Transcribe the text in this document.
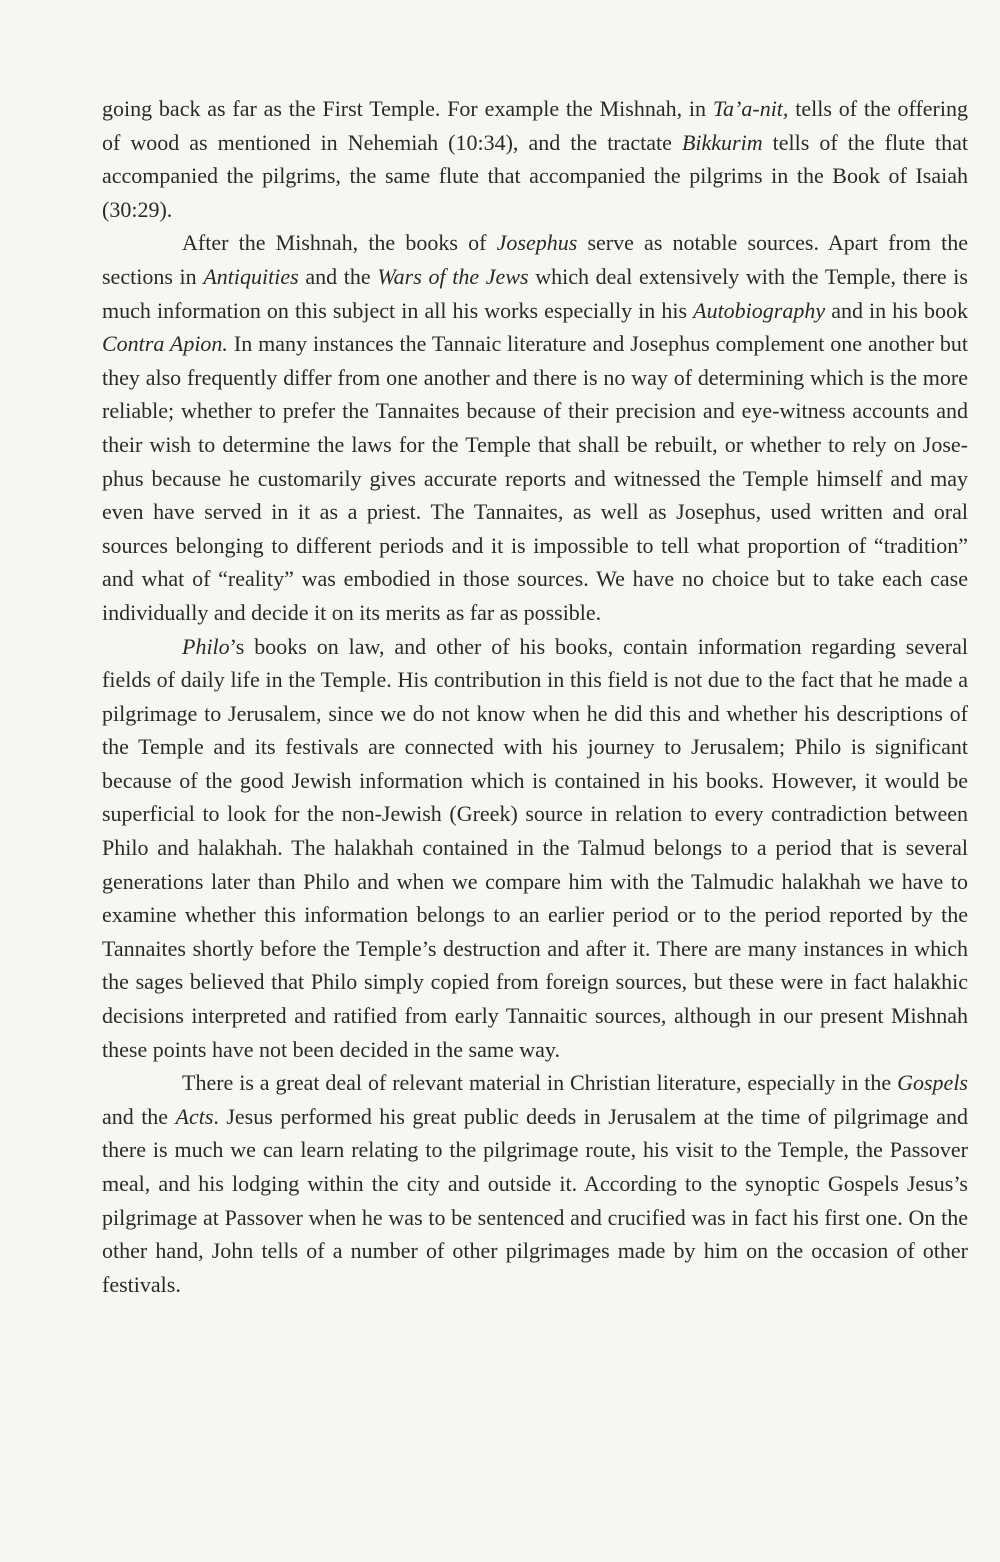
going back as far as the First Temple. For example the Mishnah, in Ta’a-nit, tells of the offering of wood as mentioned in Nehemiah (10:34), and the tractate Bikkurim tells of the flute that accompanied the pilgrims, the same flute that accompanied the pilgrims in the Book of Isaiah (30:29).

After the Mishnah, the books of Josephus serve as notable sources. Apart from the sections in Antiquities and the Wars of the Jews which deal extensively with the Temple, there is much information on this subject in all his works especially in his Autobiography and in his book Contra Apion. In many instances the Tannaic literature and Josephus complement one another but they also frequently differ from one another and there is no way of determining which is the more reliable; whether to prefer the Tannaites because of their precision and eye-witness accounts and their wish to determine the laws for the Temple that shall be rebuilt, or whether to rely on Josephus because he customarily gives accurate reports and witnessed the Temple himself and may even have served in it as a priest. The Tannaites, as well as Josephus, used written and oral sources belonging to different periods and it is impossible to tell what proportion of “tradition” and what of “reality” was embodied in those sources. We have no choice but to take each case individually and decide it on its merits as far as possible.

Philo’s books on law, and other of his books, contain information regarding several fields of daily life in the Temple. His contribution in this field is not due to the fact that he made a pilgrimage to Jerusalem, since we do not know when he did this and whether his descriptions of the Temple and its festivals are connected with his journey to Jerusalem; Philo is significant because of the good Jewish information which is contained in his books. However, it would be superficial to look for the non-Jewish (Greek) source in relation to every contradiction between Philo and halakhah. The halakhah contained in the Talmud belongs to a period that is several generations later than Philo and when we compare him with the Talmudic halakhah we have to examine whether this information belongs to an earlier period or to the period reported by the Tannaites shortly before the Temple’s destruction and after it. There are many instances in which the sages believed that Philo simply copied from foreign sources, but these were in fact halakhic decisions interpreted and ratified from early Tannaitic sources, although in our present Mishnah these points have not been decided in the same way.

There is a great deal of relevant material in Christian literature, especially in the Gospels and the Acts. Jesus performed his great public deeds in Jerusalem at the time of pilgrimage and there is much we can learn relating to the pilgrimage route, his visit to the Temple, the Passover meal, and his lodging within the city and outside it. According to the synoptic Gospels Jesus’s pilgrimage at Passover when he was to be sentenced and crucified was in fact his first one. On the other hand, John tells of a number of other pilgrimages made by him on the occasion of other festivals.
